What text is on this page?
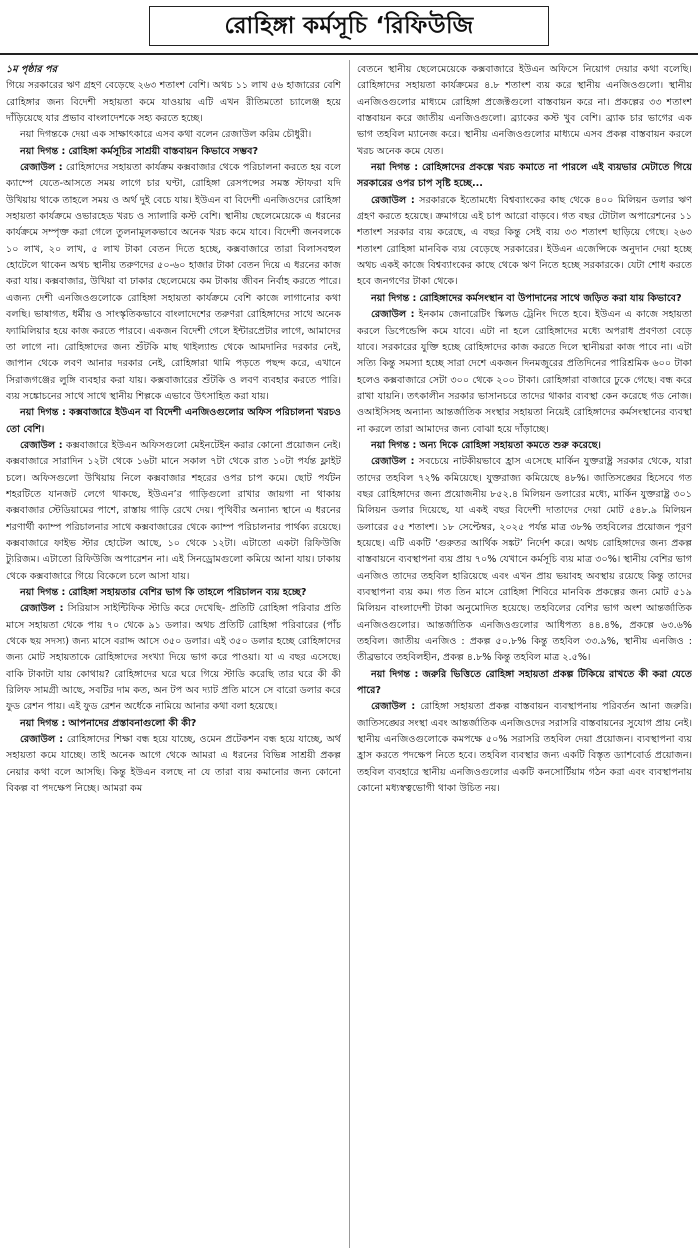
রোহিঙ্গা কর্মসূচি ‘রিফিউজি
১ম পৃষ্ঠার পর

গিয়ে সরকারের ঋণ গ্রহণ বেড়েছে ২৬৩ শতাংশ বেশি। অথচ ১১ লাখ ৫৬ হাজারের বেশি রোহিঙ্গার জন্য বিদেশী সহায়তা কমে যাওয়ায় এটি এখন রীতিমতো চ্যালেঞ্জ হয়ে দাঁড়িয়েছে যার প্রভাব বাংলাদেশকে সহ্য করতে হচ্ছে।

নয়া দিগন্তকে দেয়া এক সাক্ষাৎকারে এসব কথা বলেন রেজাউল করিম চৌধুরী।

নয়া দিগন্ত : রোহিঙ্গা কর্মসূচির সাশ্রয়ী বাস্তবায়ন কিভাবে সম্ভব?

রেজাউল : রোহিঙ্গাদের সহায়তা কার্যক্রম কক্সবাজার থেকে পরিচালনা করতে হয় বলে ক্যাম্পে যেতে-আসতে সময় লাগে চার ঘণ্টা, রোহিঙ্গা রেসপন্সের সমস্ত স্টাফরা যদি উখিয়ায় থাকে তাহলে সময় ও অর্থ দুই বেচে যায়। ইউএন বা বিদেশী এনজিওদের রোহিঙ্গা সহায়তা কার্যক্রমে ওভারহেড খরচ ও স্যালারি কস্ট বেশি। স্থানীয় ছেলেমেয়েকে এ ধরনের কার্যক্রমে সম্পৃক্ত করা গেলে তুলনামূলকভাবে অনেক খরচ কমে যাবে। বিদেশী জনবলকে ১০ লাখ, ২০ লাখ, ৫ লাখ টাকা বেতন দিতে হচ্ছে, কক্সবাজারে তারা বিলাসবহুল হোটেলে থাকেন অথচ স্থানীয় তরুণদের ৫০-৬০ হাজার টাকা বেতন দিয়ে এ ধরনের কাজ করা যায়। কক্সবাজার, উখিয়া বা ঢাকার ছেলেমেয়ে কম টাকায় জীবন নির্বাহ করতে পারে। এজন্য দেশী এনজিওগুলোকে রোহিঙ্গা সহায়তা কার্যক্রমে বেশি কাজে লাগানোর কথা বলছি। ভাষাগত, ধর্মীয় ও সাংস্কৃতিকভাবে বাংলাদেশের তরুণরা রোহিঙ্গাদের সাথে অনেক ফ্যামিলিয়ার হয়ে কাজ করতে পারবে। একজন বিদেশী গেলে ইন্টারপ্রেটার লাগে, আমাদের তা লাগে না। রোহিঙ্গাদের জন্য শুঁটকি মাছ থাইল্যান্ড থেকে আমদানির দরকার নেই, জাপান থেকে লবণ আনার দরকার নেই, রোহিঙ্গারা থামি পড়তে পছন্দ করে, এখানে সিরাজগঞ্জের লুঙ্গি ব্যবহার করা যায়। কক্সবাজারের শুঁটকি ও লবণ ব্যবহার করতে পারি। ব্যয় সঙ্কোচনের সাথে সাথে স্থানীয় শিল্পকে এভাবে উৎসাহিত করা যায়।

নয়া দিগন্ত : কক্সবাজারে ইউএন বা বিদেশী এনজিওগুলোর অফিস পরিচালনা খরচও তো বেশি।

রেজাউল : কক্সবাজারে ইউএন অফিসগুলো মেইনটেইন করার কোনো প্রয়োজন নেই। কক্সবাজারে সারাদিন ১২টা থেকে ১৬টা মানে সকাল ৭টা থেকে রাত ১০টা পর্যন্ত ফ্লাইট চলে। অফিসগুলো উখিয়ায় নিলে কক্সবাজার শহরের ওপর চাপ কমে। ছোট পর্যটন শহরটিতে যানজট লেগে থাকছে, ইউএন’র গাড়িগুলো রাখার জায়গা না থাকায় কক্সবাজার স্টেডিয়ামের পাশে, রাস্তায় গাড়ি রেখে দেয়। পৃথিবীর অন্যান্য স্থানে এ ধরনের শরণার্থী ক্যাম্প পরিচালনার সাথে কক্সবাজারের থেকে ক্যাম্প পরিচালনার পার্থক্য রয়েছে। কক্সবাজারে ফাইভ স্টার হোটেল আছে, ১০ থেকে ১২টা। এটাতো একটা রিফিউজি ট্যুরিজম। এটাতো রিফিউজি অপারেশন না। এই সিনড্রোমগুলো কমিয়ে আনা যায়। ঢাকায় থেকে কক্সবাজারে গিয়ে বিকেলে চলে আসা যায়।

নয়া দিগন্ত : রোহিঙ্গা সহায়তার বেশির ভাগ কি তাহলে পরিচালন ব্যয় হচ্ছে?

রেজাউল : সিরিয়াস সাইন্টিফিক স্টাডি করে দেখেছি- প্রতিটি রোহিঙ্গা পরিবার প্রতি মাসে সহায়তা থেকে পায় ৭০ থেকে ৯১ ডলার। অথচ প্রতিটি রোহিঙ্গা পরিবারের (পাঁচ থেকে ছয় সদস্য) জন্য মাসে বরাদ্দ আসে ৩৫০ ডলার। এই ৩৫০ ডলার হচ্ছে রোহিঙ্গাদের জন্য মোট সহায়তাকে রোহিঙ্গাদের সংখ্যা দিয়ে ভাগ করে পাওয়া। যা এ বছর এসেছে। বাকি টাকাটা যায় কোথায়? রোহিঙ্গাদের ঘরে ঘরে গিয়ে স্টাডি করেছি তার ঘরে কী কী রিলিফ সামগ্রী আছে, সবটির দাম কত, অন টপ অব দ্যাট প্রতি মাসে সে বারো ডলার করে ফুড রেশন পায়। এই ফুড রেশন অর্ধেকে নামিয়ে আনার কথা বলা হয়েছে।

নয়া দিগন্ত : আপনাদের প্রস্তাবনাগুলো কী কী?

রেজাউল : রোহিঙ্গাদের শিক্ষা বন্ধ হয়ে যাচ্ছে, ওমেন প্রটেকশন বন্ধ হয়ে যাচ্ছে, অর্থ সহায়তা কমে যাচ্ছে। তাই অনেক আগে থেকে আমরা এ ধরনের বিভিন্ন সাশ্রয়ী প্রকল্প নেয়ার কথা বলে আসছি। কিন্তু ইউএন বলছে না যে তারা ব্যয় কমানোর জন্য কোনো বিকল্প বা পদক্ষেপ নিচ্ছে। আমরা কম

বেতনে স্থানীয় ছেলেমেয়েকে কক্সবাজারে ইউএন অফিসে নিয়োগ দেয়ার কথা বলেছি। রোহিঙ্গাদের সহায়তা কার্যক্রমের ৪.৮ শতাংশ ব্যয় করে স্থানীয় এনজিওগুলো। স্থানীয় এনজিওগুলোর মাধ্যমে রোহিঙ্গা প্রজেক্টগুলো বাস্তবায়ন করে না। প্রকল্পের ৩৩ শতাংশ বাস্তবায়ন করে জাতীয় এনজিওগুলো। ব্র্যাকের কস্ট খুব বেশি। ব্র্যাক চার ভাগের এক ভাগ তহবিল ম্যানেজ করে। স্থানীয় এনজিওগুলোর মাধ্যমে এসব প্রকল্প বাস্তবায়ন করলে খরচ অনেক কমে যেত।

নয়া দিগন্ত : রোহিঙ্গাদের প্রকল্পে খরচ কমাতে না পারলে এই ব্যয়ভার মেটাতে গিয়ে সরকারের ওপর চাপ সৃষ্টি হচ্ছে...

রেজাউল : সরকারকে ইতোমধ্যে বিশ্বব্যাংকের কাছ থেকে ৪০০ মিলিয়ন ডলার ঋণ গ্রহণ করতে হয়েছে। ক্রমাগয়ে এই চাপ আরো বাড়বে। গত বছর টোটাল অপারেশনের ১১ শতাংশ সরকার ব্যয় করেছে, এ বছর কিন্তু সেই ব্যয় ৩৩ শতাংশ ছাড়িয়ে গেছে। ২৬৩ শতাংশ রোহিঙ্গা মানবিক ব্যয় বেড়েছে সরকারের। ইউএন এজেন্সিকে অনুদান দেয়া হচ্ছে অথচ একই কাজে বিশ্বব্যাংকের কাছে থেকে ঋণ নিতে হচ্ছে সরকারকে। যেটা শোধ করতে হবে জনগণের টাকা থেকে।

নয়া দিগন্ত : রোহিঙ্গাদের কর্মসংস্থান বা উপাদানের সাথে জড়িত করা যায় কিভাবে?

রেজাউল : ইনকাম জেনারেটিং স্কিলড ট্রেনিং দিতে হবে। ইউএন এ কাজে সহায়তা করলে ডিপেন্ডেন্সি কমে যাবে। এটা না হলে রোহিঙ্গাদের মধ্যে অপরাধ প্রবণতা বেড়ে যাবে। সরকারের যুক্তি হচ্ছে রোহিঙ্গাদের কাজ করতে দিলে স্থানীয়রা কাজ পাবে না। এটা সত্যি কিন্তু সমস্যা হচ্ছে সারা দেশে একজন দিনমজুরের প্রতিদিনের পারিশ্রমিক ৬০০ টাকা হলেও কক্সবাজারে সেটা ৩০০ থেকে ২০০ টাকা। রোহিঙ্গারা বাজারে ঢুকে গেছে। বন্ধ করে রাখা যায়নি। তৎকালীন সরকার ভাসানচরে তাদের থাকার ব্যবস্থা কেন করেছে গড নোজ। ওআইসিসহ অন্যান্য আন্তর্জাতিক সংস্থার সহায়তা নিয়েই রোহিঙ্গাদের কর্মসংস্থানের ব্যবস্থা না করলে তারা আমাদের জন্য বোঝা হয়ে দাঁড়াচ্ছে।

নয়া দিগন্ত : অন্য দিকে রোহিঙ্গা সহায়তা কমতে শুরু করেছে।

রেজাউল : সবচেয়ে নাটকীয়ভাবে হ্রাস এসেছে মার্কিন যুক্তরাষ্ট্র সরকার থেকে, যারা তাদের তহবিল ৭২% কমিয়েছে। যুক্তরাজ্য কমিয়েছে ৪৮%। জাতিসঙ্ঘের হিসেবে গত বছর রোহিঙ্গাদের জন্য প্রয়োজনীয় ৮৫২.৪ মিলিয়ন ডলারের মধ্যে, মার্কিন যুক্তরাষ্ট্র ৩০১ মিলিয়ন ডলার দিয়েছে, যা একই বছর বিদেশী দাতাদের দেয়া মোট ৫৪৮.৯ মিলিয়ন ডলারের ৫৫ শতাংশ। ১৮ সেপ্টেম্বর, ২০২৫ পর্যন্ত মাত্র ৩৮% তহবিলের প্রয়োজন পূরণ হয়েছে। এটি একটি ‘গুরুতর আর্থিক সঙ্কট’ নির্দেশ করে। অথচ রোহিঙ্গাদের জন্য প্রকল্প বাস্তবায়নে ব্যবস্থাপনা ব্যয় প্রায় ৭০% যেখানে কর্মসূচি ব্যয় মাত্র ৩০%। স্থানীয় বেশির ভাগ এনজিও তাদের তহবিল হারিয়েছে এবং এখন প্রায় ভয়াবহ অবস্থায় রয়েছে কিন্তু তাদের ব্যবস্থাপনা ব্যয় কম। গত তিন মাসে রোহিঙ্গা শিবিরে মানবিক প্রকল্পের জন্য মোট ৫১৯ মিলিয়ন বাংলাদেশী টাকা অনুমোদিত হয়েছে। তহবিলের বেশির ভাগ অংশ আন্তর্জাতিক এনজিওগুলোর। আন্তর্জাতিক এনজিওগুলোর আধিপত্য ৪৪.৪%, প্রকল্পে ৬৩.৬% তহবিল। জাতীয় এনজিও : প্রকল্প ৫০.৮% কিন্তু তহবিল ৩৩.৯%, স্থানীয় এনজিও : তীব্রভাবে তহবিলহীন, প্রকল্প ৪.৮% কিন্তু তহবিল মাত্র ২.৫%।

নয়া দিগন্ত : জরুরি ভিত্তিতে রোহিঙ্গা সহায়তা প্রকল্প টিকিয়ে রাখতে কী করা যেতে পারে?

রেজাউল : রোহিঙ্গা সহায়তা প্রকল্প বাস্তবায়ন ব্যবস্থাপনায় পরিবর্তন আনা জরুরি। জাতিসঙ্ঘের সংস্থা এবং আন্তর্জাতিক এনজিওদের সরাসরি বাস্তবায়নের সুযোগ প্রায় নেই। স্থানীয় এনজিওগুলোকে কমপক্ষে ৫০% সরাসরি তহবিল দেয়া প্রয়োজন। ব্যবস্থাপনা ব্যয় হ্রাস করতে পদক্ষেপ নিতে হবে। তহবিল ব্যবস্থার জন্য একটি বিস্তৃত ড্যাশবোর্ড প্রয়োজন। তহবিল ব্যবহারে স্থানীয় এনজিওগুলোর একটি কনসোর্টিয়াম গঠন করা এবং ব্যবস্থাপনায় কোনো মধ্যস্বত্বভোগী থাকা উচিত নয়।
